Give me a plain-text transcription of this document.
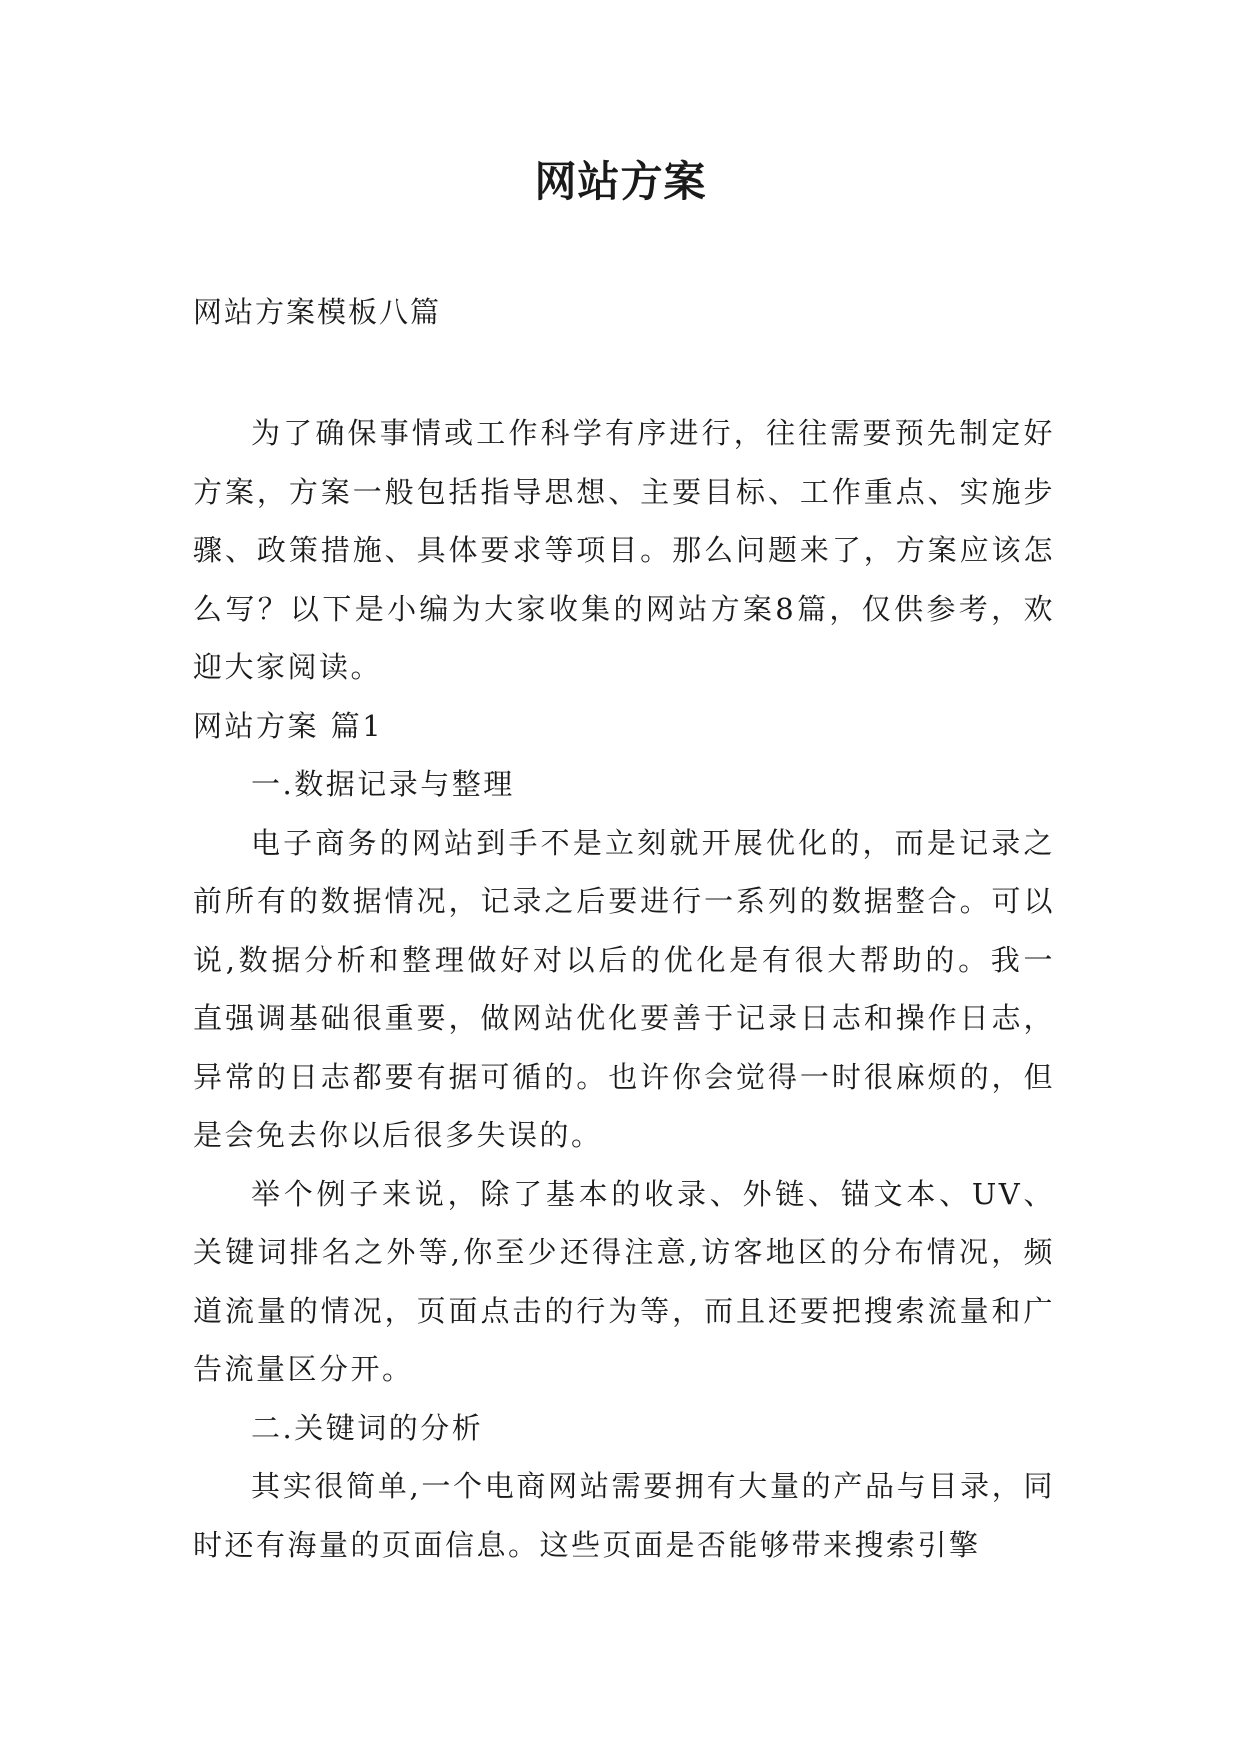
网站方案
网站方案模板八篇

为了确保事情或工作科学有序进行，往往需要预先制定好方案，方案一般包括指导思想、主要目标、工作重点、实施步骤、政策措施、具体要求等项目。那么问题来了，方案应该怎么写？以下是小编为大家收集的网站方案8篇，仅供参考，欢迎大家阅读。

网站方案 篇1

一.数据记录与整理

电子商务的网站到手不是立刻就开展优化的，而是记录之前所有的数据情况，记录之后要进行一系列的数据整合。可以说,数据分析和整理做好对以后的优化是有很大帮助的。我一直强调基础很重要，做网站优化要善于记录日志和操作日志，异常的日志都要有据可循的。也许你会觉得一时很麻烦的，但是会免去你以后很多失误的。

举个例子来说，除了基本的收录、外链、锚文本、UV、关键词排名之外等,你至少还得注意,访客地区的分布情况，频道流量的情况，页面点击的行为等，而且还要把搜索流量和广告流量区分开。

二.关键词的分析

其实很简单,一个电商网站需要拥有大量的产品与目录，同时还有海量的页面信息。这些页面是否能够带来搜索引擎
